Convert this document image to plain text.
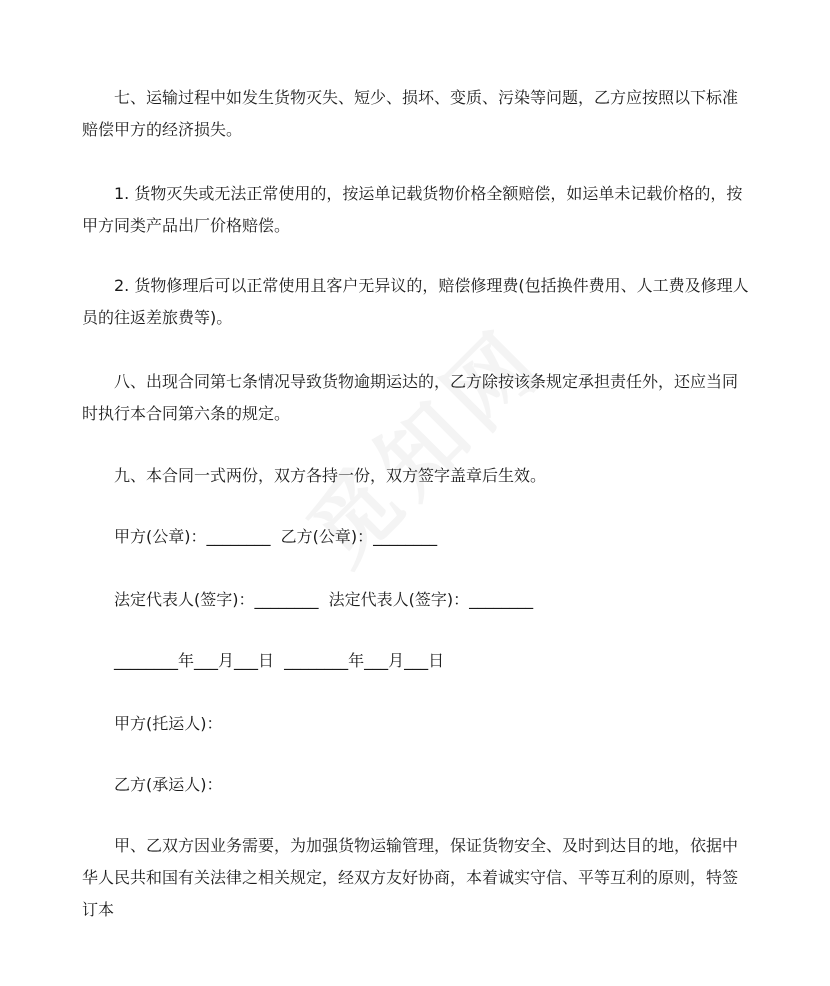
七、运输过程中如发生货物灭失、短少、损坏、变质、污染等问题，乙方应按照以下标准赔偿甲方的经济损失。

1. 货物灭失或无法正常使用的，按运单记载货物价格全额赔偿，如运单未记载价格的，按甲方同类产品出厂价格赔偿。

2. 货物修理后可以正常使用且客户无异议的，赔偿修理费(包括换件费用、人工费及修理人员的往返差旅费等)。

八、出现合同第七条情况导致货物逾期运达的，乙方除按该条规定承担责任外，还应当同时执行本合同第六条的规定。

九、本合同一式两份，双方各持一份，双方签字盖章后生效。

甲方(公章)：________  乙方(公章)：________

法定代表人(签字)：________  法定代表人(签字)：________

________年___月___日  ________年___月___日

甲方(托运人)：

乙方(承运人)：

甲、乙双方因业务需要，为加强货物运输管理，保证货物安全、及时到达目的地，依据中华人民共和国有关法律之相关规定，经双方友好协商，本着诚实守信、平等互利的原则，特签订本
